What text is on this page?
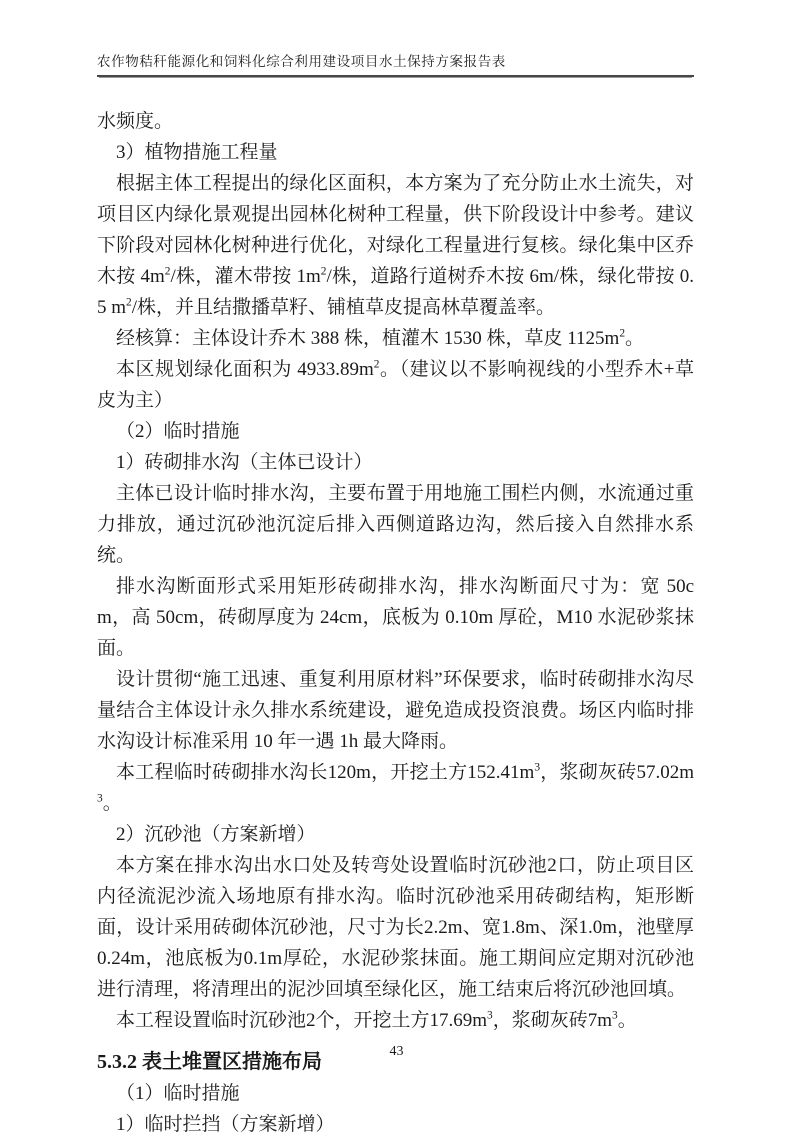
农作物秸秆能源化和饲料化综合利用建设项目水土保持方案报告表

水频度。

3）植物措施工程量

根据主体工程提出的绿化区面积，本方案为了充分防止水土流失，对项目区内绿化景观提出园林化树种工程量，供下阶段设计中参考。建议下阶段对园林化树种进行优化，对绿化工程量进行复核。绿化集中区乔木按 $4m^2/$株，灌木带按 $1m^2/$株，道路行道树乔木按 6m/株，绿化带按 0.5 $m^2/$株，并且结撒播草籽、铺植草皮提高林草覆盖率。

经核算：主体设计乔木 388 株，植灌木 1530 株，草皮 $1125m^2$。

本区规划绿化面积为 $4933.89m^2$。（建议以不影响视线的小型乔木+草皮为主）

（2）临时措施

1）砖砌排水沟（主体已设计）

主体已设计临时排水沟，主要布置于用地施工围栏内侧，水流通过重力排放，通过沉砂池沉淀后排入西侧道路边沟，然后接入自然排水系统。

排水沟断面形式采用矩形砖砌排水沟，排水沟断面尺寸为：宽 50cm，高 50cm，砖砌厚度为 24cm，底板为 0.10m 厚砼，M10 水泥砂浆抹面。

设计贯彻“施工迅速、重复利用原材料”环保要求，临时砖砌排水沟尽量结合主体设计永久排水系统建设，避免造成投资浪费。场区内临时排水沟设计标准采用 10 年一遇 1h 最大降雨。

本工程临时砖砌排水沟长120m，开挖土方$152.41m^3$，浆砌灰砖$57.02m^3$。

2）沉砂池（方案新增）

本方案在排水沟出水口处及转弯处设置临时沉砂池2口，防止项目区内径流泥沙流入场地原有排水沟。临时沉砂池采用砖砌结构，矩形断面，设计采用砖砌体沉砂池，尺寸为长2.2m、宽1.8m、深1.0m，池壁厚0.24m，池底板为0.1m厚砼，水泥砂浆抹面。施工期间应定期对沉砂池进行清理，将清理出的泥沙回填至绿化区，施工结束后将沉砂池回填。

本工程设置临时沉砂池2个，开挖土方$17.69m^3$，浆砌灰砖$7m^3$。

5.3.2 表土堆置区措施布局

（1）临时措施

1）临时拦挡（方案新增）

43
